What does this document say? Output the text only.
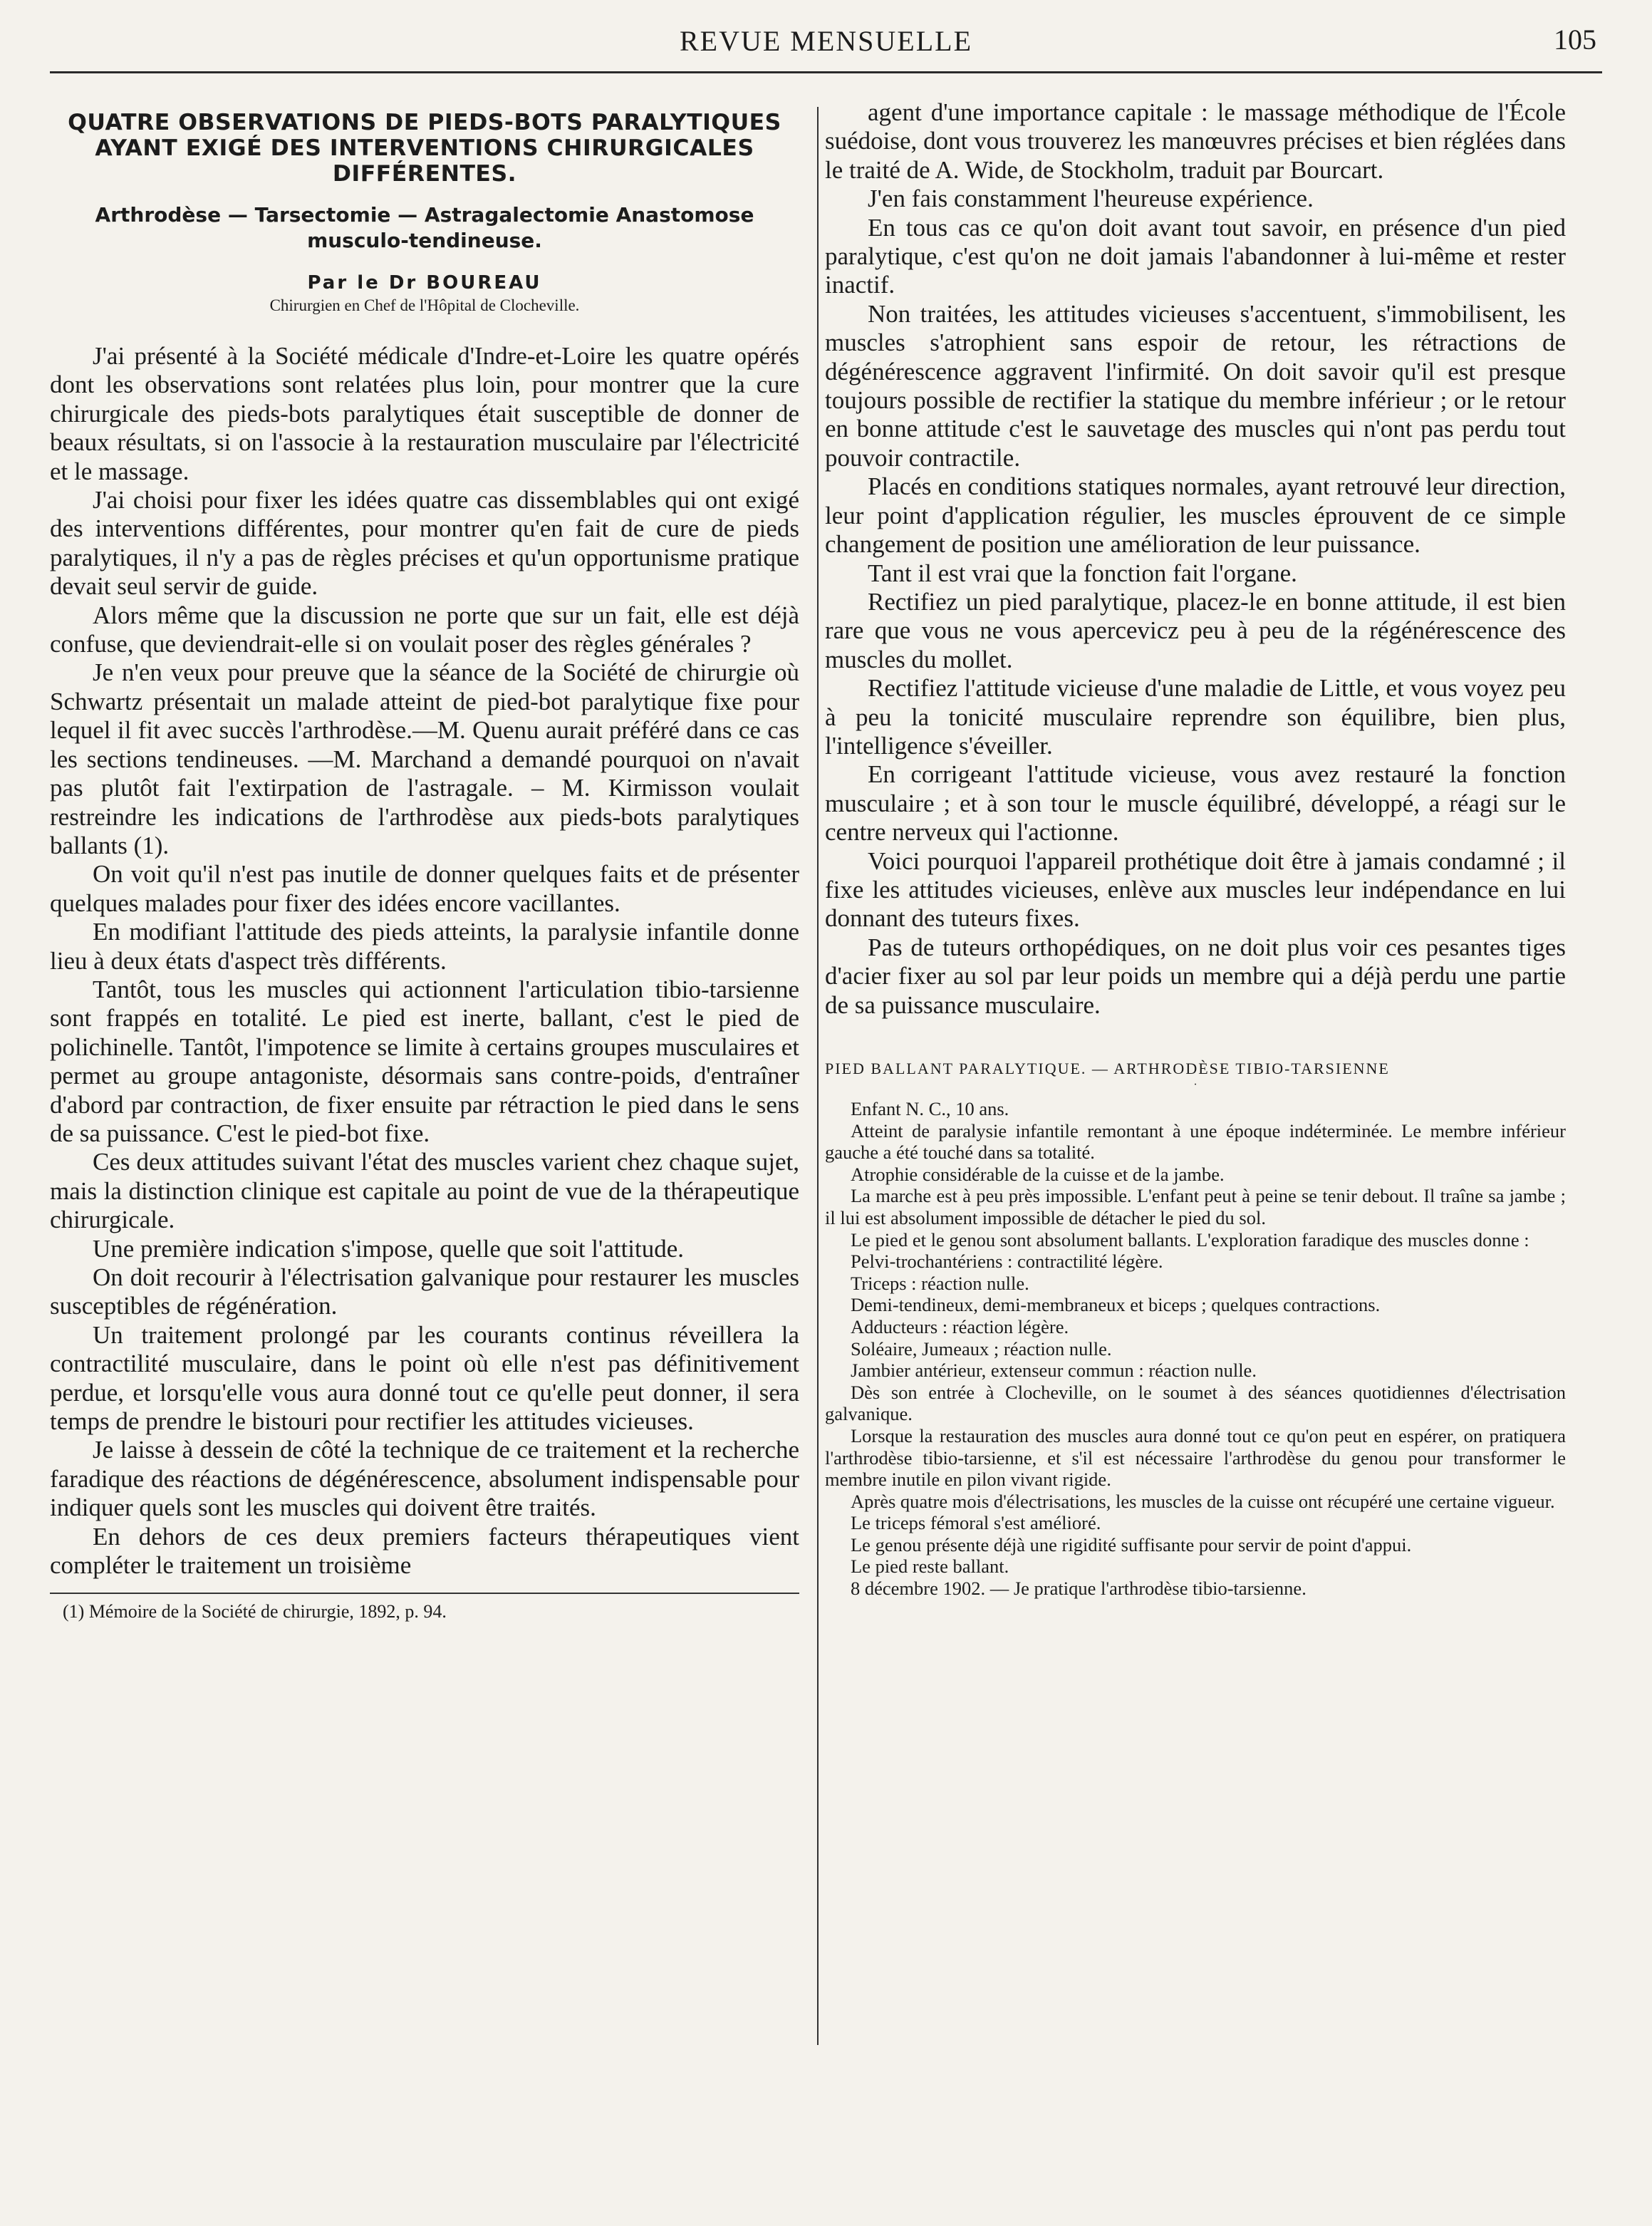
REVUE MENSUELLE	105
QUATRE OBSERVATIONS DE PIEDS-BOTS PARALYTIQUES AYANT EXIGÉ DES INTERVENTIONS CHIRURGICALES DIFFÉRENTES.
Arthrodèse — Tarsectomie — Astragalectomie Anastomose musculo-tendineuse.
Par le Dr BOUREAU
Chirurgien en Chef de l'Hôpital de Clocheville.

J'ai présenté à la Société médicale d'Indre-et-Loire les quatre opérés dont les observations sont relatées plus loin, pour montrer que la cure chirurgicale des pieds-bots paralytiques était susceptible de donner de beaux résultats, si on l'associe à la restauration musculaire par l'électricité et le massage.

J'ai choisi pour fixer les idées quatre cas dissemblables qui ont exigé des interventions différentes, pour montrer qu'en fait de cure de pieds paralytiques, il n'y a pas de règles précises et qu'un opportunisme pratique devait seul servir de guide.

Alors même que la discussion ne porte que sur un fait, elle est déjà confuse, que deviendrait-elle si on voulait poser des règles générales ?

Je n'en veux pour preuve que la séance de la Société de chirurgie où Schwartz présentait un malade atteint de pied-bot paralytique fixe pour lequel il fit avec succès l'arthrodèse.—M. Quenu aurait préféré dans ce cas les sections tendineuses. —M. Marchand a demandé pourquoi on n'avait pas plutôt fait l'extirpation de l'astragale. – M. Kirmisson voulait restreindre les indications de l'arthrodèse aux pieds-bots paralytiques ballants (1).

On voit qu'il n'est pas inutile de donner quelques faits et de présenter quelques malades pour fixer des idées encore vacillantes.

En modifiant l'attitude des pieds atteints, la paralysie infantile donne lieu à deux états d'aspect très différents.

Tantôt, tous les muscles qui actionnent l'articulation tibio-tarsienne sont frappés en totalité. Le pied est inerte, ballant, c'est le pied de polichinelle. Tantôt, l'impotence se limite à certains groupes musculaires et permet au groupe antagoniste, désormais sans contre-poids, d'entraîner d'abord par contraction, de fixer ensuite par rétraction le pied dans le sens de sa puissance. C'est le pied-bot fixe.

Ces deux attitudes suivant l'état des muscles varient chez chaque sujet, mais la distinction clinique est capitale au point de vue de la thérapeutique chirurgicale.

Une première indication s'impose, quelle que soit l'attitude.

On doit recourir à l'électrisation galvanique pour restaurer les muscles susceptibles de régénération.

Un traitement prolongé par les courants continus réveillera la contractilité musculaire, dans le point où elle n'est pas définitivement perdue, et lorsqu'elle vous aura donné tout ce qu'elle peut donner, il sera temps de prendre le bistouri pour rectifier les attitudes vicieuses.

Je laisse à dessein de côté la technique de ce traitement et la recherche faradique des réactions de dégénérescence, absolument indispensable pour indiquer quels sont les muscles qui doivent être traités.

En dehors de ces deux premiers facteurs thérapeutiques vient compléter le traitement un troisième

(1) Mémoire de la Société de chirurgie, 1892, p. 94.

agent d'une importance capitale : le massage méthodique de l'École suédoise, dont vous trouverez les manœuvres précises et bien réglées dans le traité de A. Wide, de Stockholm, traduit par Bourcart.

J'en fais constamment l'heureuse expérience.

En tous cas ce qu'on doit avant tout savoir, en présence d'un pied paralytique, c'est qu'on ne doit jamais l'abandonner à lui-même et rester inactif.

Non traitées, les attitudes vicieuses s'accentuent, s'immobilisent, les muscles s'atrophient sans espoir de retour, les rétractions de dégénérescence aggravent l'infirmité. On doit savoir qu'il est presque toujours possible de rectifier la statique du membre inférieur ; or le retour en bonne attitude c'est le sauvetage des muscles qui n'ont pas perdu tout pouvoir contractile.

Placés en conditions statiques normales, ayant retrouvé leur direction, leur point d'application régulier, les muscles éprouvent de ce simple changement de position une amélioration de leur puissance.

Tant il est vrai que la fonction fait l'organe.

Rectifiez un pied paralytique, placez-le en bonne attitude, il est bien rare que vous ne vous apercevicz peu à peu de la régénérescence des muscles du mollet.

Rectifiez l'attitude vicieuse d'une maladie de Little, et vous voyez peu à peu la tonicité musculaire reprendre son équilibre, bien plus, l'intelligence s'éveiller.

En corrigeant l'attitude vicieuse, vous avez restauré la fonction musculaire ; et à son tour le muscle équilibré, développé, a réagi sur le centre nerveux qui l'actionne.

Voici pourquoi l'appareil prothétique doit être à jamais condamné ; il fixe les attitudes vicieuses, enlève aux muscles leur indépendance en lui donnant des tuteurs fixes.

Pas de tuteurs orthopédiques, on ne doit plus voir ces pesantes tiges d'acier fixer au sol par leur poids un membre qui a déjà perdu une partie de sa puissance musculaire.

PIED BALLANT PARALYTIQUE. — ARTHRODÈSE TIBIO-TARSIENNE
·

Enfant N. C., 10 ans.

Atteint de paralysie infantile remontant à une époque indéterminée. Le membre inférieur gauche a été touché dans sa totalité.

Atrophie considérable de la cuisse et de la jambe.

La marche est à peu près impossible. L'enfant peut à peine se tenir debout. Il traîne sa jambe ; il lui est absolument impossible de détacher le pied du sol.

Le pied et le genou sont absolument ballants. L'exploration faradique des muscles donne :

Pelvi-trochantériens : contractilité légère.

Triceps : réaction nulle.

Demi-tendineux, demi-membraneux et biceps ; quelques contractions.

Adducteurs : réaction légère.

Soléaire, Jumeaux ; réaction nulle.

Jambier antérieur, extenseur commun : réaction nulle.

Dès son entrée à Clocheville, on le soumet à des séances quotidiennes d'électrisation galvanique.

Lorsque la restauration des muscles aura donné tout ce qu'on peut en espérer, on pratiquera l'arthrodèse tibio-tarsienne, et s'il est nécessaire l'arthrodèse du genou pour transformer le membre inutile en pilon vivant rigide.

Après quatre mois d'électrisations, les muscles de la cuisse ont récupéré une certaine vigueur.

Le triceps fémoral s'est amélioré.

Le genou présente déjà une rigidité suffisante pour servir de point d'appui.

Le pied reste ballant.

8 décembre 1902. — Je pratique l'arthrodèse tibio-tarsienne.
